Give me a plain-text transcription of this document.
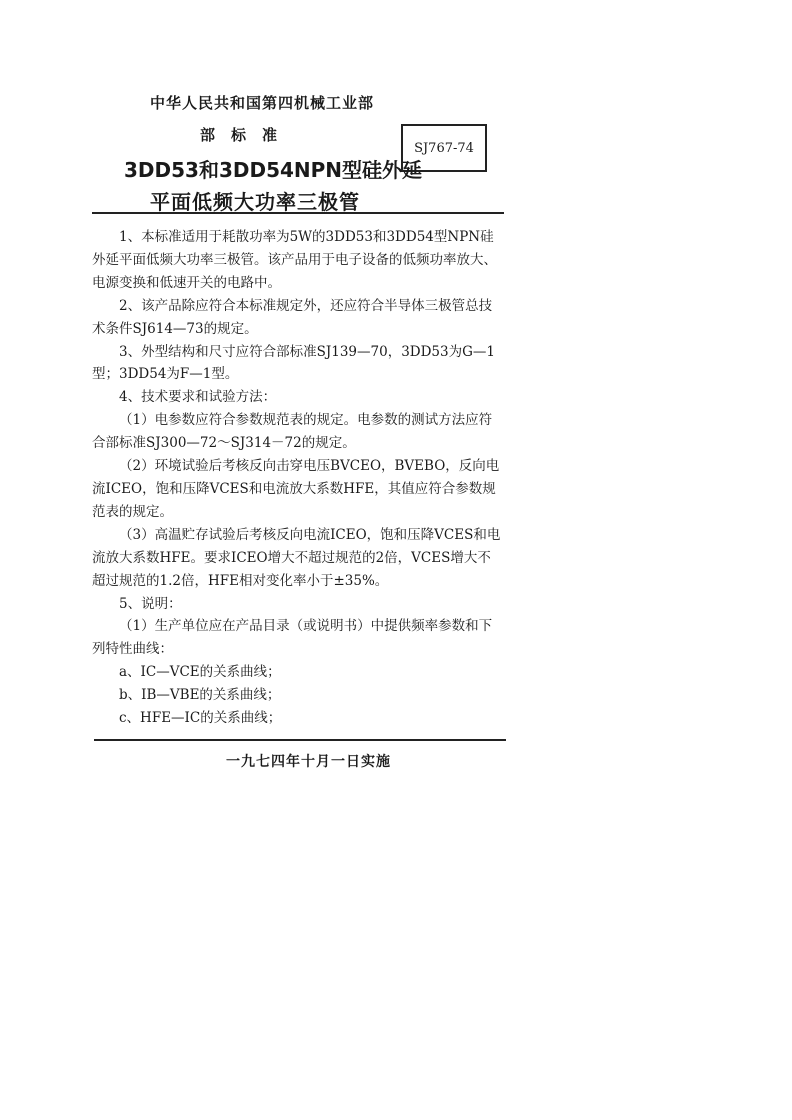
中华人民共和国第四机械工业部
部标准
SJ767-74
3DD53和3DD54NPN型硅外延
平面低频大功率三极管

1、本标准适用于耗散功率为5W的3DD53和3DD54型NPN硅外延平面低频大功率三极管。该产品用于电子设备的低频功率放大、电源变换和低速开关的电路中。

2、该产品除应符合本标准规定外，还应符合半导体三极管总技术条件SJ614—73的规定。

3、外型结构和尺寸应符合部标准SJ139—70，3DD53为G—1型；3DD54为F—1型。

4、技术要求和试验方法：

（1）电参数应符合参数规范表的规定。电参数的测试方法应符合部标准SJ300—72～SJ314－72的规定。

（2）环境试验后考核反向击穿电压BVCEO，BVEBO，反向电流ICEO，饱和压降VCES和电流放大系数HFE，其值应符合参数规范表的规定。

（3）高温贮存试验后考核反向电流ICEO，饱和压降VCES和电流放大系数HFE。要求ICEO增大不超过规范的2倍，VCES增大不超过规范的1.2倍，HFE相对变化率小于±35%。

5、说明：

（1）生产单位应在产品目录（或说明书）中提供频率参数和下列特性曲线：

a、IC—VCE的关系曲线；

b、IB—VBE的关系曲线；

c、HFE—IC的关系曲线；

一九七四年十月一日实施
